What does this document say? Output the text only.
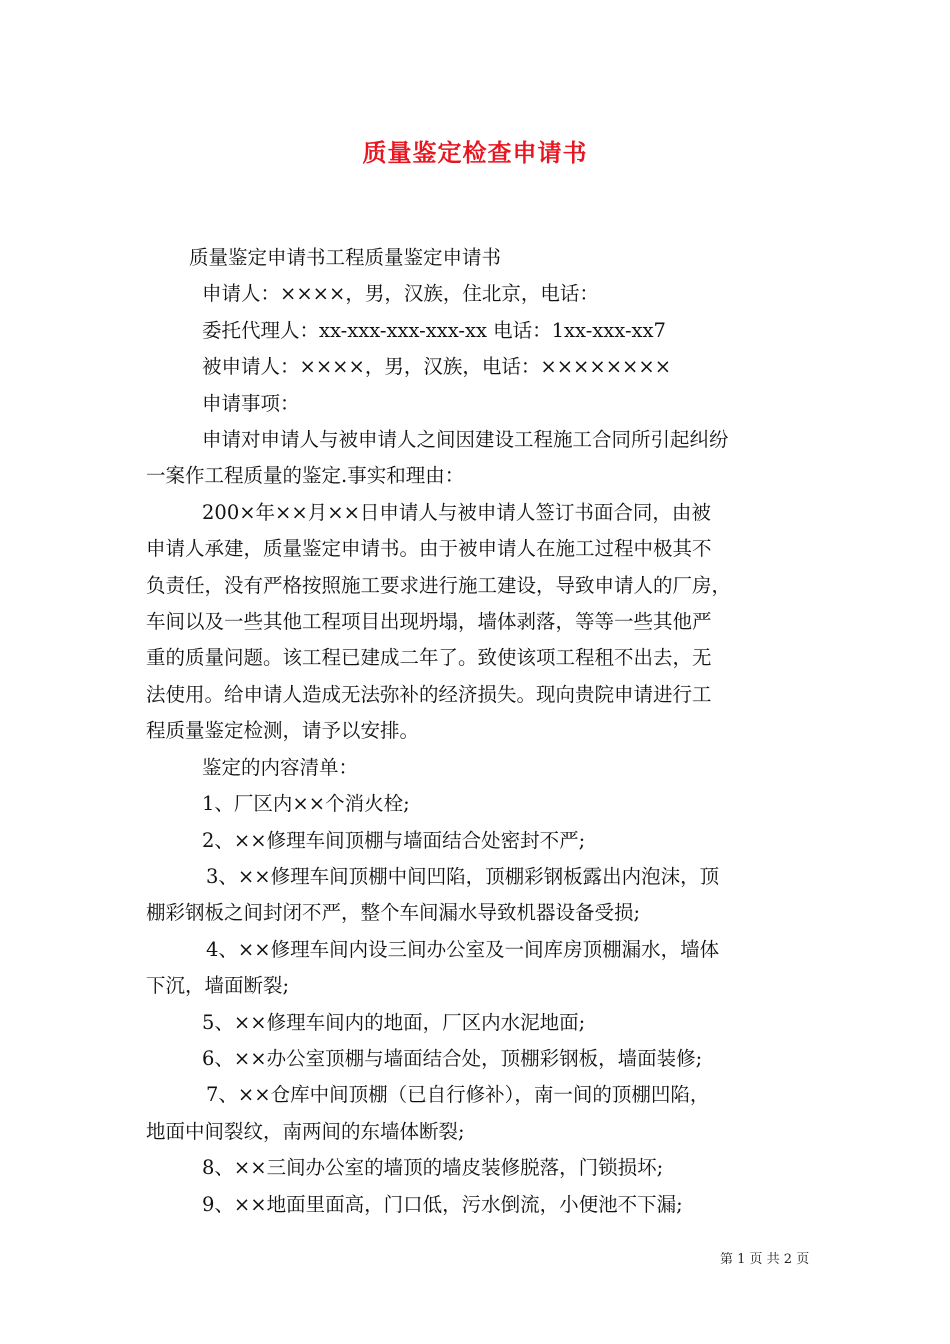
质量鉴定检查申请书

质量鉴定申请书工程质量鉴定申请书

申请人：××××，男，汉族，住北京，电话：

委托代理人：xx-xxx-xxx-xxx-xx 电话：1xx-xxx-xx7

被申请人：××××，男，汉族，电话：××××××××

申请事项：

申请对申请人与被申请人之间因建设工程施工合同所引起纠纷

一案作工程质量的鉴定.事实和理由：

200×年××月××日申请人与被申请人签订书面合同，由被

申请人承建，质量鉴定申请书。由于被申请人在施工过程中极其不

负责任，没有严格按照施工要求进行施工建设，导致申请人的厂房，

车间以及一些其他工程项目出现坍塌，墙体剥落，等等一些其他严

重的质量问题。该工程已建成二年了。致使该项工程租不出去，无

法使用。给申请人造成无法弥补的经济损失。现向贵院申请进行工

程质量鉴定检测，请予以安排。

鉴定的内容清单：

1、厂区内××个消火栓;

2、××修理车间顶棚与墙面结合处密封不严;

3、××修理车间顶棚中间凹陷，顶棚彩钢板露出内泡沫，顶

棚彩钢板之间封闭不严，整个车间漏水导致机器设备受损;

4、××修理车间内设三间办公室及一间库房顶棚漏水，墙体

下沉，墙面断裂;

5、××修理车间内的地面，厂区内水泥地面;

6、××办公室顶棚与墙面结合处，顶棚彩钢板，墙面装修;

7、××仓库中间顶棚（已自行修补），南一间的顶棚凹陷，

地面中间裂纹，南两间的东墙体断裂;

8、××三间办公室的墙顶的墙皮装修脱落，门锁损坏;

9、××地面里面高，门口低，污水倒流，小便池不下漏;

第 1 页 共 2 页
